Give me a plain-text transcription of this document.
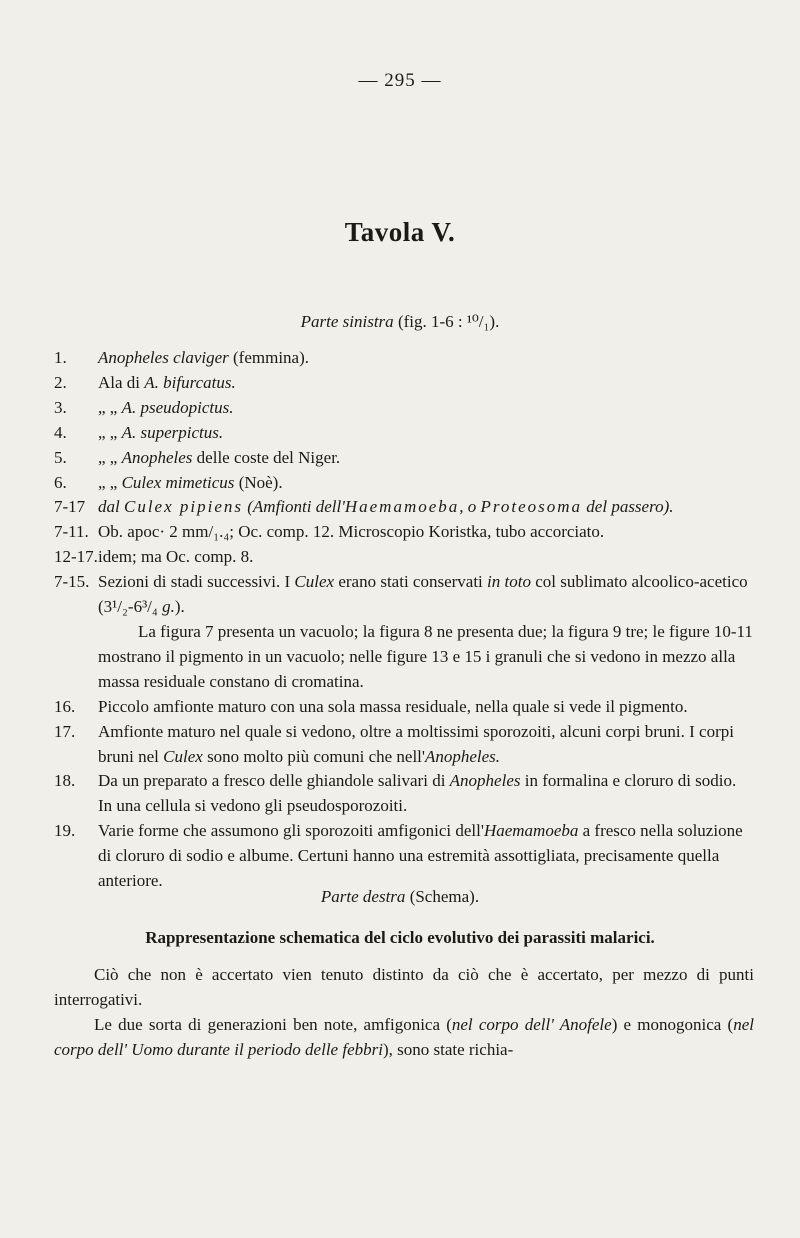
— 295 —
Tavola V.
Parte sinistra (fig. 1-6 : ¹⁰/₁).
1.	Anopheles claviger (femmina).
2.	Ala di A. bifurcatus.
3.	„ „ A. pseudopictus.
4.	„ „ A. superpictus.
5.	„ „ Anopheles delle coste del Niger.
6.	„ „ Culex mimeticus (Noè).
7-17 dal Culex pipiens (Amfionti dell'Haemamoeba, o Proteosoma del passero).
7-11. Ob. apoc· 2 mm/₁.₄; Oc. comp. 12. Microscopio Koristka, tubo accorciato.
12-17. idem; ma Oc. comp. 8.
7-15. Sezioni di stadi successivi. I Culex erano stati conservati in toto col sublimato alcoolico-acetico (3¹/₂-6³/₄ g.).

La figura 7 presenta un vacuolo; la figura 8 ne presenta due; la figura 9 tre; le figure 10-11 mostrano il pigmento in un vacuolo; nelle figure 13 e 15 i granuli che si vedono in mezzo alla massa residuale constano di cromatina.

16.	Piccolo amfionte maturo con una sola massa residuale, nella quale si vede il pigmento.
17.	Amfionte maturo nel quale si vedono, oltre a moltissimi sporozoiti, alcuni corpi bruni. I corpi bruni nel Culex sono molto più comuni che nell'Anopheles.
18.	Da un preparato a fresco delle ghiandole salivari di Anopheles in formalina e cloruro di sodio. In una cellula si vedono gli pseudosporozoiti.
19.	Varie forme che assumono gli sporozoiti amfigonici dell'Haemamoeba a fresco nella soluzione di cloruro di sodio e albume. Certuni hanno una estremità assottigliata, precisamente quella anteriore.
Parte destra (Schema).
Rappresentazione schematica del ciclo evolutivo dei parassiti malarici.

Ciò che non è accertato vien tenuto distinto da ciò che è accertato, per mezzo di punti interrogativi.

Le due sorta di generazioni ben note, amfigonica (nel corpo dell' Anofele) e monogonica (nel corpo dell' Uomo durante il periodo delle febbri), sono state richia-
